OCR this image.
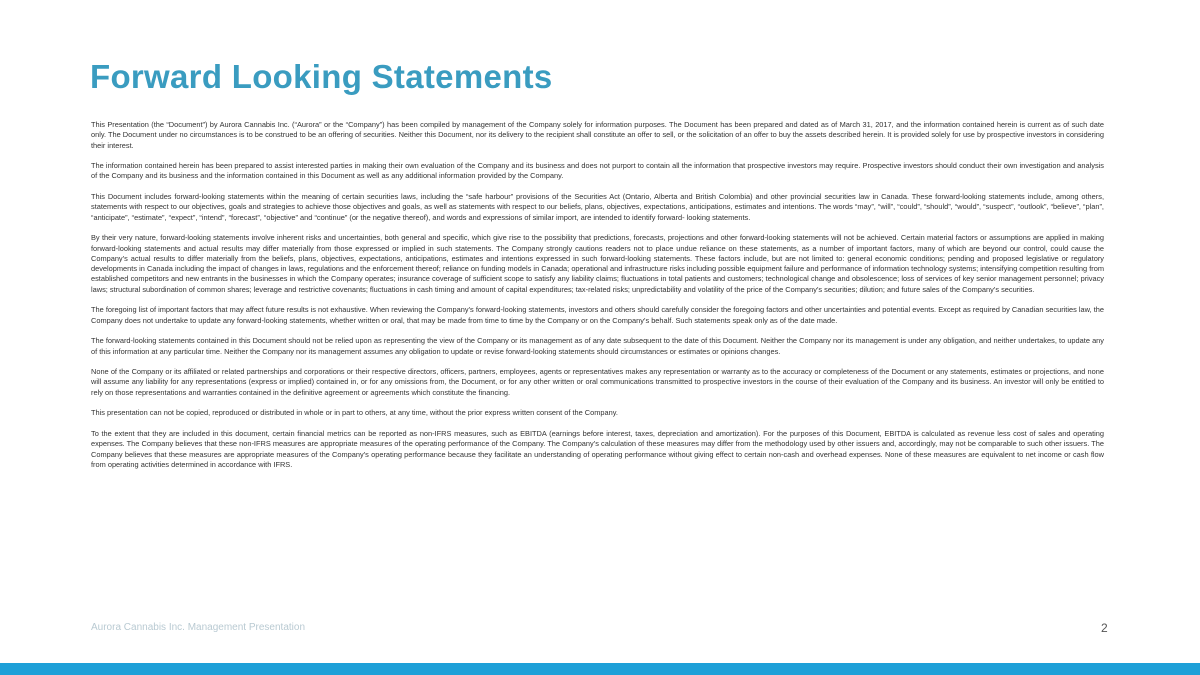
Forward Looking Statements

This Presentation (the “Document”) by Aurora Cannabis Inc. (“Aurora” or the “Company”) has been compiled by management of the Company solely for information purposes. The Document has been prepared and dated as of March 31, 2017, and the information contained herein is current as of such date only. The Document under no circumstances is to be construed to be an offering of securities. Neither this Document, nor its delivery to the recipient shall constitute an offer to sell, or the solicitation of an offer to buy the assets described herein. It is provided solely for use by prospective investors in considering their interest.

The information contained herein has been prepared to assist interested parties in making their own evaluation of the Company and its business and does not purport to contain all the information that prospective investors may require. Prospective investors should conduct their own investigation and analysis of the Company and its business and the information contained in this Document as well as any additional information provided by the Company.

This Document includes forward-looking statements within the meaning of certain securities laws, including the “safe harbour” provisions of the Securities Act (Ontario, Alberta and British Colombia) and other provincial securities law in Canada. These forward-looking statements include, among others, statements with respect to our objectives, goals and strategies to achieve those objectives and goals, as well as statements with respect to our beliefs, plans, objectives, expectations, anticipations, estimates and intentions. The words “may”, “will”, “could”, “should”, “would”, “suspect”, “outlook”, “believe”, “plan”, “anticipate”, “estimate”, “expect”, “intend”, “forecast”, “objective” and “continue” (or the negative thereof), and words and expressions of similar import, are intended to identify forward- looking statements.

By their very nature, forward-looking statements involve inherent risks and uncertainties, both general and specific, which give rise to the possibility that predictions, forecasts, projections and other forward-looking statements will not be achieved. Certain material factors or assumptions are applied in making forward-looking statements and actual results may differ materially from those expressed or implied in such statements. The Company strongly cautions readers not to place undue reliance on these statements, as a number of important factors, many of which are beyond our control, could cause the Company’s actual results to differ materially from the beliefs, plans, objectives, expectations, anticipations, estimates and intentions expressed in such forward-looking statements. These factors include, but are not limited to: general economic conditions; pending and proposed legislative or regulatory developments in Canada including the impact of changes in laws, regulations and the enforcement thereof; reliance on funding models in Canada; operational and infrastructure risks including possible equipment failure and performance of information technology systems; intensifying competition resulting from established competitors and new entrants in the businesses in which the Company operates; insurance coverage of sufficient scope to satisfy any liability claims; fluctuations in total patients and customers; technological change and obsolescence; loss of services of key senior management personnel; privacy laws; structural subordination of common shares; leverage and restrictive covenants; fluctuations in cash timing and amount of capital expenditures; tax-related risks; unpredictability and volatility of the price of the Company’s securities; dilution; and future sales of the Company’s securities.

The foregoing list of important factors that may affect future results is not exhaustive. When reviewing the Company’s forward-looking statements, investors and others should carefully consider the foregoing factors and other uncertainties and potential events. Except as required by Canadian securities law, the Company does not undertake to update any forward-looking statements, whether written or oral, that may be made from time to time by the Company or on the Company’s behalf. Such statements speak only as of the date made.

The forward-looking statements contained in this Document should not be relied upon as representing the view of the Company or its management as of any date subsequent to the date of this Document. Neither the Company nor its management is under any obligation, and neither undertakes, to update any of this information at any particular time. Neither the Company nor its management assumes any obligation to update or revise forward-looking statements should circumstances or estimates or opinions changes.

None of the Company or its affiliated or related partnerships and corporations or their respective directors, officers, partners, employees, agents or representatives makes any representation or warranty as to the accuracy or completeness of the Document or any statements, estimates or projections, and none will assume any liability for any representations (express or implied) contained in, or for any omissions from, the Document, or for any other written or oral communications transmitted to prospective investors in the course of their evaluation of the Company and its business. An investor will only be entitled to rely on those representations and warranties contained in the definitive agreement or agreements which constitute the financing.

This presentation can not be copied, reproduced or distributed in whole or in part to others, at any time, without the prior express written consent of the Company.

To the extent that they are included in this document, certain financial metrics can be reported as non-IFRS measures, such as EBITDA (earnings before interest, taxes, depreciation and amortization). For the purposes of this Document, EBITDA is calculated as revenue less cost of sales and operating expenses. The Company believes that these non-IFRS measures are appropriate measures of the operating performance of the Company. The Company’s calculation of these measures may differ from the methodology used by other issuers and, accordingly, may not be comparable to such other issuers. The Company believes that these measures are appropriate measures of the Company’s operating performance because they facilitate an understanding of operating performance without giving effect to certain non-cash and overhead expenses. None of these measures are equivalent to net income or cash flow from operating activities determined in accordance with IFRS.

Aurora Cannabis Inc. Management Presentation	2
